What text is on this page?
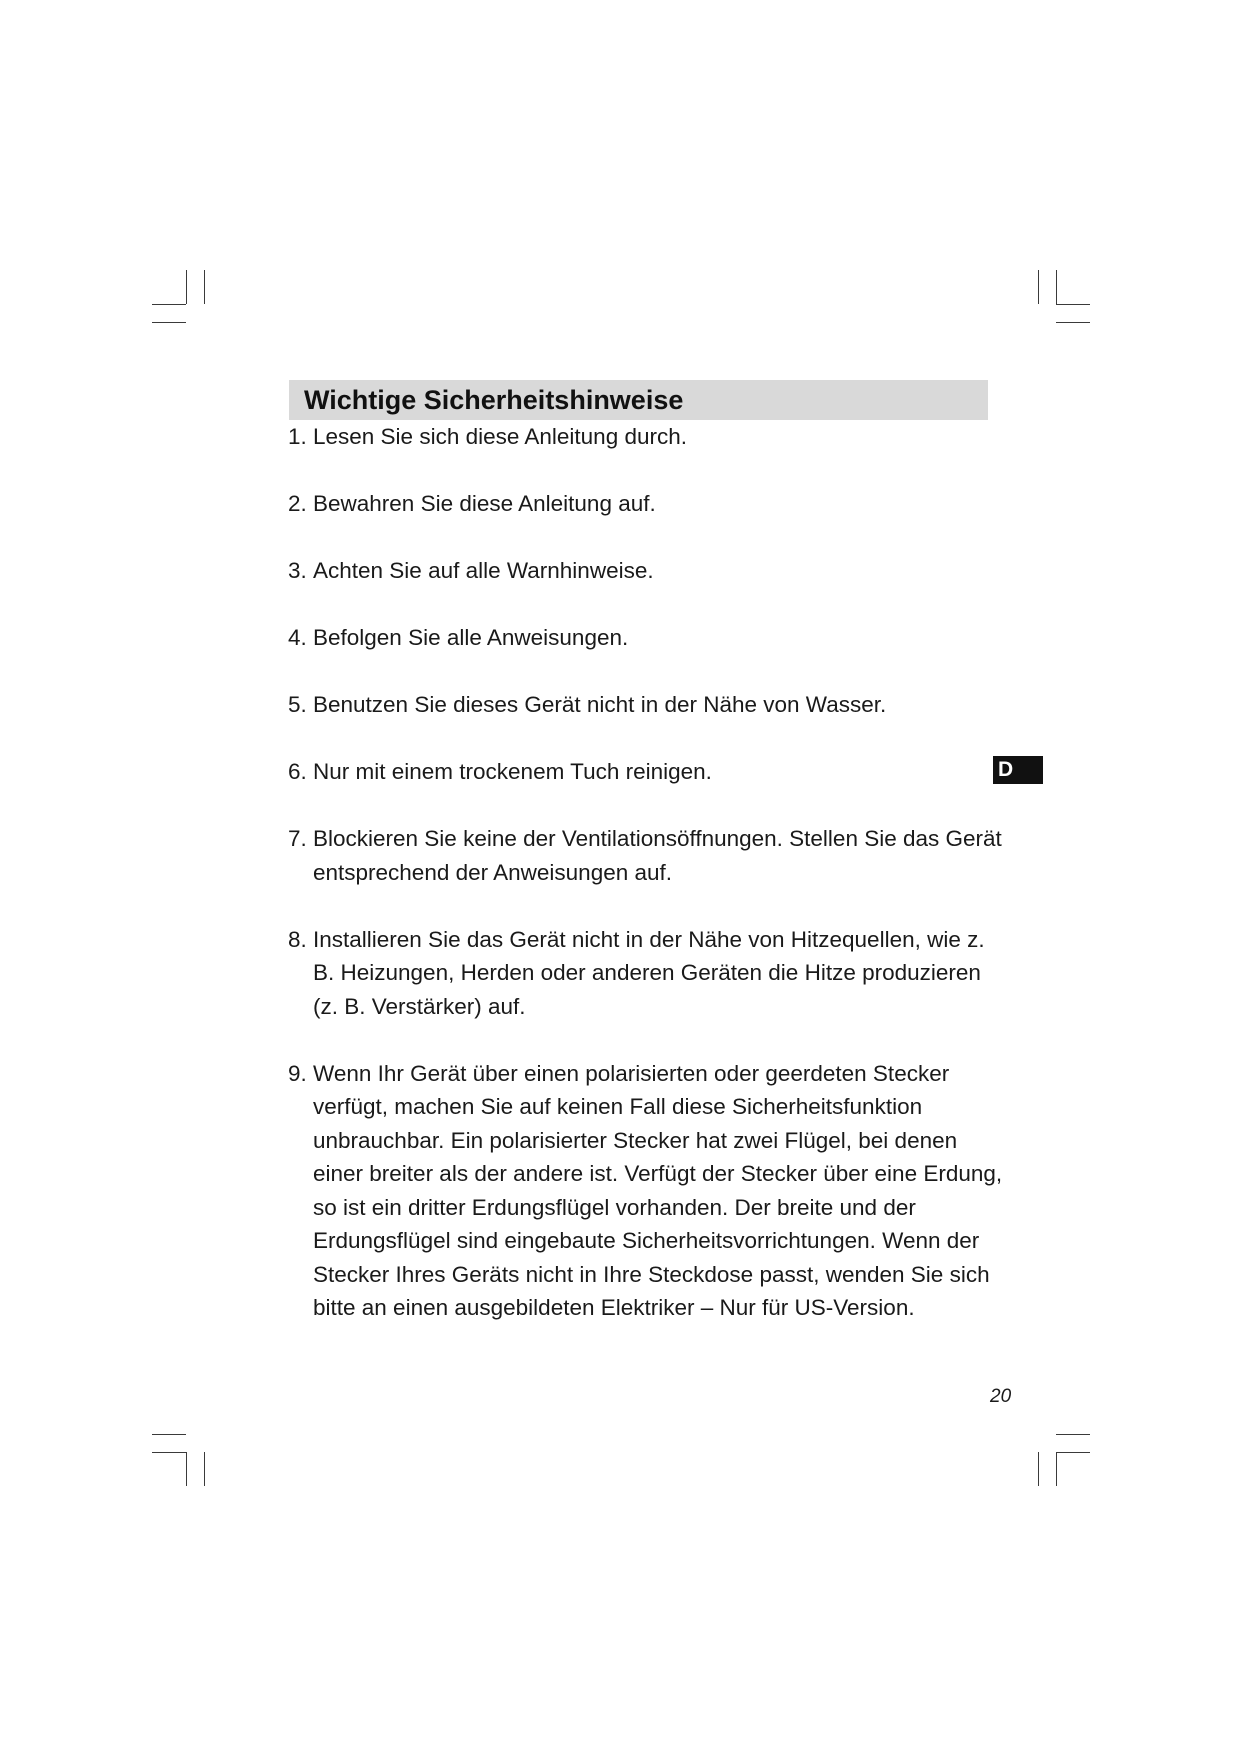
Wichtige Sicherheitshinweise
1. Lesen Sie sich diese Anleitung durch.
2. Bewahren Sie diese Anleitung auf.
3. Achten Sie auf alle Warnhinweise.
4. Befolgen Sie alle Anweisungen.
5. Benutzen Sie dieses Gerät nicht in der Nähe von Wasser.
6. Nur mit einem trockenem Tuch reinigen.
7. Blockieren Sie keine der Ventilationsöffnungen. Stellen Sie das Gerät entsprechend der Anweisungen auf.
8. Installieren Sie das Gerät nicht in der Nähe von Hitzequellen, wie z. B. Heizungen, Herden oder anderen Geräten die Hitze produzieren (z. B. Verstärker) auf.
9. Wenn Ihr Gerät über einen polarisierten oder geerdeten Stecker verfügt, machen Sie auf keinen Fall diese Sicherheitsfunktion unbrauchbar. Ein polarisierter Stecker hat zwei Flügel, bei denen einer breiter als der andere ist. Verfügt der Stecker über eine Erdung, so ist ein dritter Erdungsflügel vorhanden. Der breite und der Erdungsflügel sind eingebaute Sicherheitsvorrichtungen. Wenn der Stecker Ihres Geräts nicht in Ihre Steckdose passt, wenden Sie sich bitte an einen ausgebildeten Elektriker – Nur für US-Version.
D
20
